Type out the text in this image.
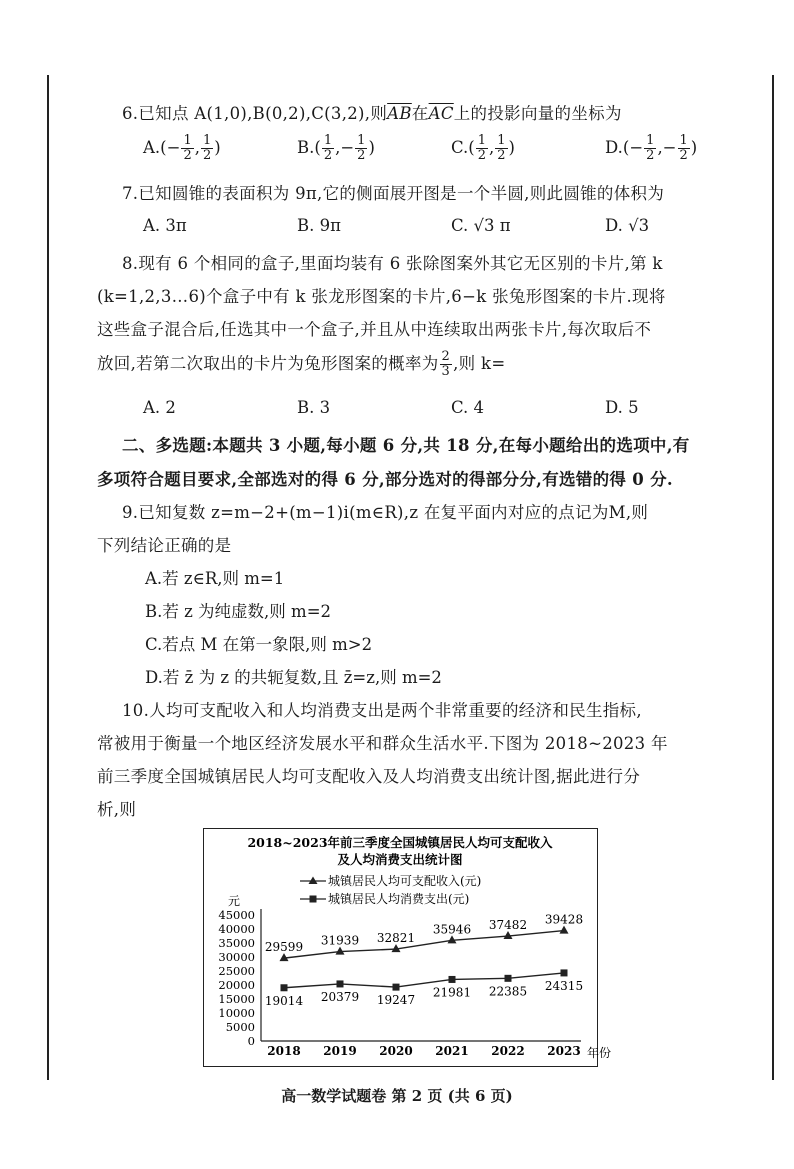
6.已知点 A(1,0),B(0,2),C(3,2),则$\overline{AB}$在$\overline{AC}$上的投影向量的坐标为
$A.(- \frac{1}{2}$ , $\frac{1}{2}$ )	$B.( \frac{1}{2}$ ,− $\frac{1}{2}$ )	$C.( \frac{1}{2}$ , $\frac{1}{2}$ )	$D.(- \frac{1}{2}$ ,− $\frac{1}{2}$ )
7.已知圆锥的表面积为 9π,它的侧面展开图是一个半圆,则此圆锥的体积为
A. 3π	B. 9π	C. √3 π	D. √3
8.现有 6 个相同的盒子,里面均装有 6 张除图案外其它无区别的卡片,第 k
(k=1,2,3…6)个盒子中有 k 张龙形图案的卡片,6−k 张兔形图案的卡片.现将
这些盒子混合后,任选其中一个盒子,并且从中连续取出两张卡片,每次取后不
放回,若第二次取出的卡片为兔形图案的概率为 $\frac{2}{3}$ ,则 k=
A. 2	B. 3	C. 4	D. 5
二、多选题:本题共 3 小题,每小题 6 分,共 18 分,在每小题给出的选项中,有
多项符合题目要求,全部选对的得 6 分,部分选对的得部分分,有选错的得 0 分.
9.已知复数 z=m−2+(m−1)i(m∈R),z 在复平面内对应的点记为M,则
下列结论正确的是
A.若 z∈R,则 m=1
B.若 z 为纯虚数,则 m=2
C.若点 M 在第一象限,则 m>2
D.若 z̄ 为 z 的共轭复数,且 z̄=z,则 m=2
10.人均可支配收入和人均消费支出是两个非常重要的经济和民生指标,
常被用于衡量一个地区经济发展水平和群众生活水平.下图为 2018~2023 年
前三季度全国城镇居民人均可支配收入及人均消费支出统计图,据此进行分
析,则
2018~2023年前三季度全国城镇居民人均可支配收入
及人均消费支出统计图
城镇居民人均可支配收入(元)
城镇居民人均消费支出(元)
元
年份
0
5000
10000
15000
20000
25000
30000
35000
40000
45000
2018 2019 2020 2021 2022 2023
29599 31939 32821
35946 37482 39428
19014 20379 19247
21981 22385 24315
高一数学试题卷 第 2 页 (共 6 页)
